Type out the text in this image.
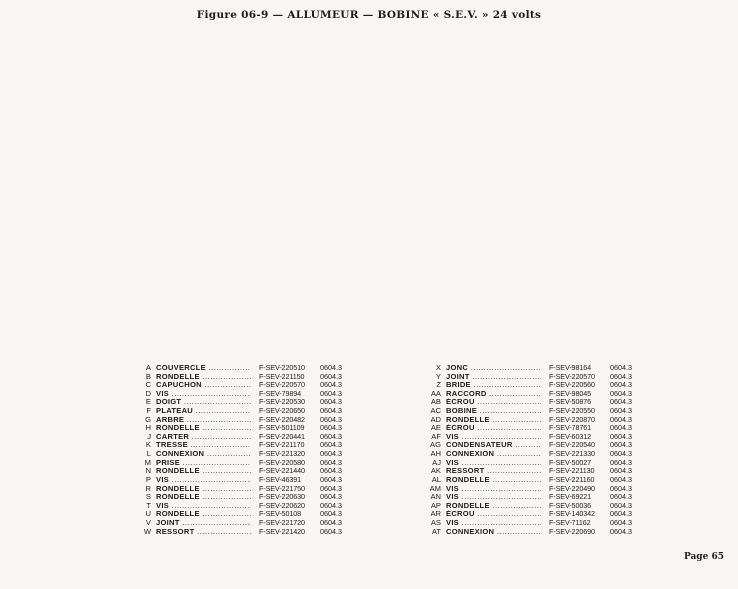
Figure 06-9 — ALLUMEUR — BOBINE « S.E.V. » 24 volts
A COUVERCLE .....	F-SEV-220510 0604.3
B RONDELLE .....	F-SEV-221150 0604.3
C CAPUCHON .....	F-SEV-220570 0604.3
D VIS .....	F-SEV-79894	0604.3
E DOIGT .....	F-SEV-220530 0604.3
F PLATEAU .....	F-SEV-220650 0604.3
G ARBRE .....	F-SEV-220482 0604.3
H RONDELLE .....	F-SEV-501109 0604.3
J CARTER .....	F-SEV-220441 0604.3
K TRESSE .....	F-SEV-221170 0604.3
L CONNEXION .....	F-SEV-221320 0604.3
M PRISE .....	F-SEV-220580 0604.3
N RONDELLE .....	F-SEV-221440 0604.3
P VIS .....	F-SEV-46391	0604.3
R RONDELLE .....	F-SEV-221750 0604.3
S RONDELLE .....	F-SEV-220630 0604.3
T VIS .....	F-SEV-220620 0604.3
U RONDELLE .....	F-SEV-50108	0604.3
V JOINT .....	F-SEV-221720 0604.3
W RESSORT .....	F-SEV-221420 0604.3
X JONC .....	F-SEV-98164	0604.3
Y JOINT .....	F-SEV-220570 0604.3
Z BRIDE .....	F-SEV-220560 0604.3
AA RACCORD .....	F-SEV-98045	0604.3
AB ÉCROU .....	F-SEV-50876	0604.3
AC BOBINE .....	F-SEV-220550 0604.3
AD RONDELLE .....	F-SEV-220870 0604.3
AE ÉCROU .....	F-SEV-78761	0604.3
AF VIS .....	F-SEV-60312	0604.3
AG CONDENSATEUR .....	F-SEV-220540 0604.3
AH CONNEXION .....	F-SEV-221330 0604.3
AJ VIS .....	F-SEV-50027	0604.3
AK RESSORT .....	F-SEV-221130 0604.3
AL RONDELLE .....	F-SEV-221160 0604.3
AM VIS .....	F-SEV-220490 0604.3
AN VIS .....	F-SEV-69221	0604.3
AP RONDELLE .....	F-SEV-50036	0604.3
AR ÉCROU .....	F-SEV-140342 0604.3
AS VIS .....	F-SEV-71162	0604.3
AT CONNEXION .....	F-SEV-220690 0604.3
Page 65
